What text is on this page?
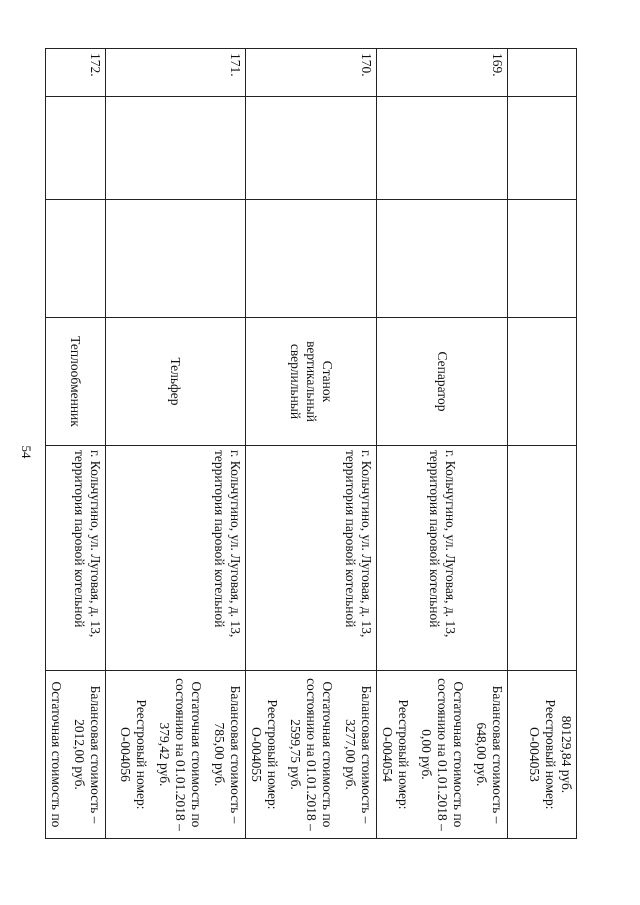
54

					80129,84 руб.
Реестровый номер:
О-004053

169.			Сепаратор	г. Кольчугино, ул. Луговая, д. 13, территория паровой котельной	Балансовая стоимость – 648,00 руб.

Остаточная стоимость по состоянию на 01.01.2018 – 0,00 руб.

Реестровый номер: О-004054

170.			Станок вертикальный сверлильный	г. Кольчугино, ул. Луговая, д. 13, территория паровой котельной	Балансовая стоимость – 3277,00 руб.

Остаточная стоимость по состоянию на 01.01.2018 – 2599,75 руб.

Реестровый номер: О-004055

171.			Тельфер	г. Кольчугино, ул. Луговая, д. 13, территория паровой котельной	Балансовая стоимость – 785,00 руб.

Остаточная стоимость по состоянию на 01.01.2018 – 379,42 руб.

Реестровый номер: О-004056

172.			Теплообменник	г. Кольчугино, ул. Луговая, д. 13, территория паровой котельной	Балансовая стоимость – 2012,00 руб.

Остаточная стоимость по
